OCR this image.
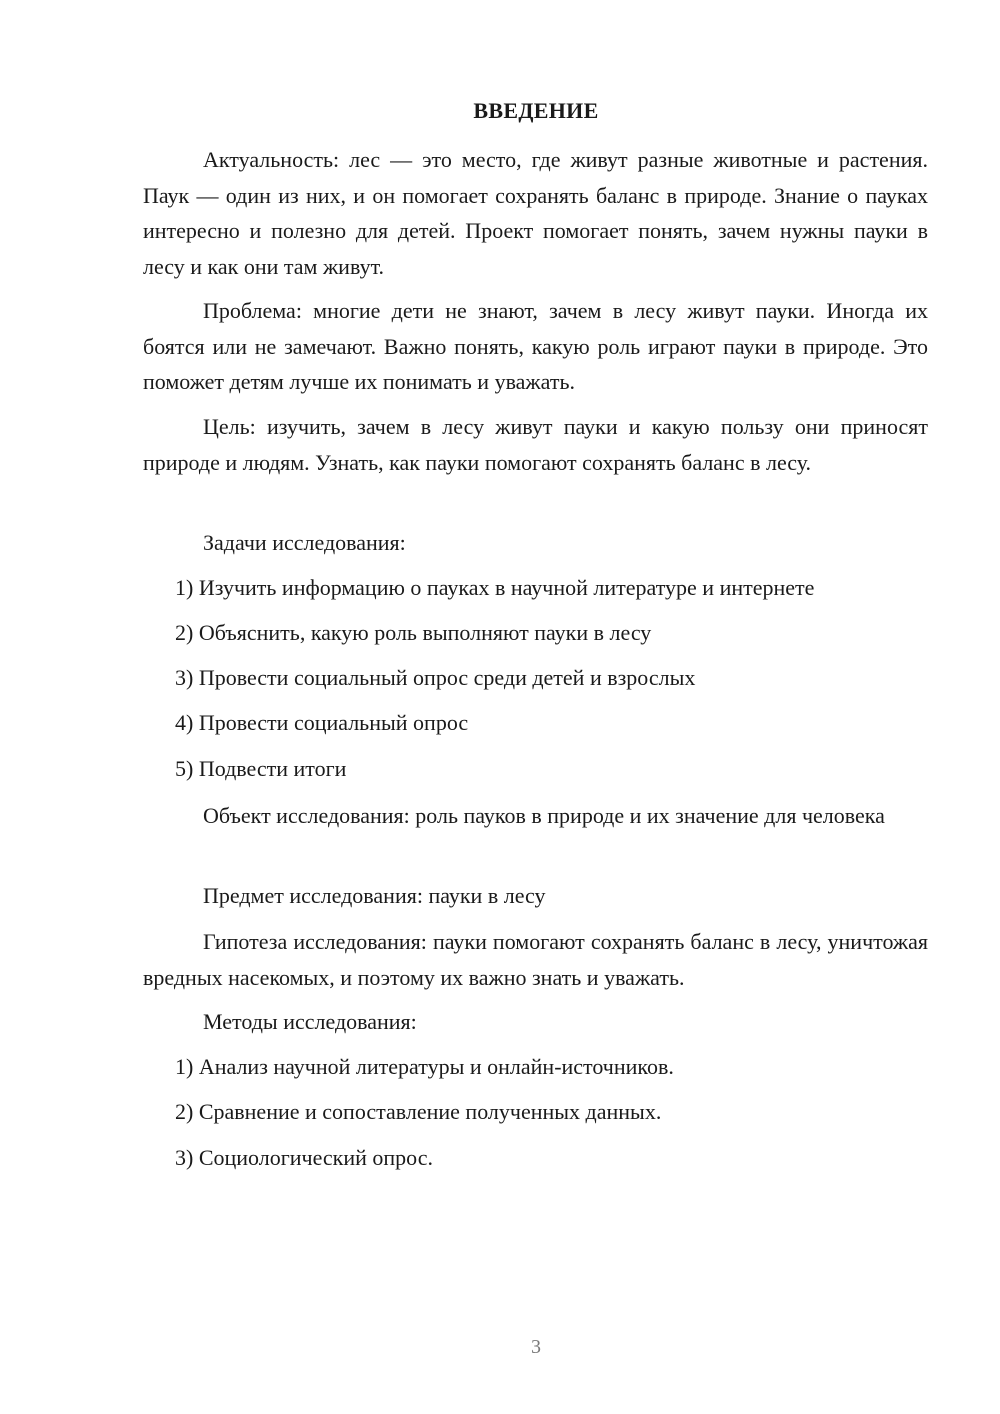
ВВЕДЕНИЕ
Актуальность: лес — это место, где живут разные животные и растения. Паук — один из них, и он помогает сохранять баланс в природе. Знание о пауках интересно и полезно для детей. Проект помогает понять, зачем нужны пауки в лесу и как они там живут.
Проблема: многие дети не знают, зачем в лесу живут пауки. Иногда их боятся или не замечают. Важно понять, какую роль играют пауки в природе. Это поможет детям лучше их понимать и уважать.
Цель: изучить, зачем в лесу живут пауки и какую пользу они приносят природе и людям. Узнать, как пауки помогают сохранять баланс в лесу.
Задачи исследования:
1) Изучить информацию о пауках в научной литературе и интернете
2) Объяснить, какую роль выполняют пауки в лесу
3) Провести социальный опрос среди детей и взрослых
4) Провести социальный опрос
5) Подвести итоги
Объект исследования: роль пауков в природе и их значение для человека
Предмет исследования: пауки в лесу
Гипотеза исследования: пауки помогают сохранять баланс в лесу, уничтожая вредных насекомых, и поэтому их важно знать и уважать.
Методы исследования:
1) Анализ научной литературы и онлайн-источников.
2) Сравнение и сопоставление полученных данных.
3) Социологический опрос.
3
